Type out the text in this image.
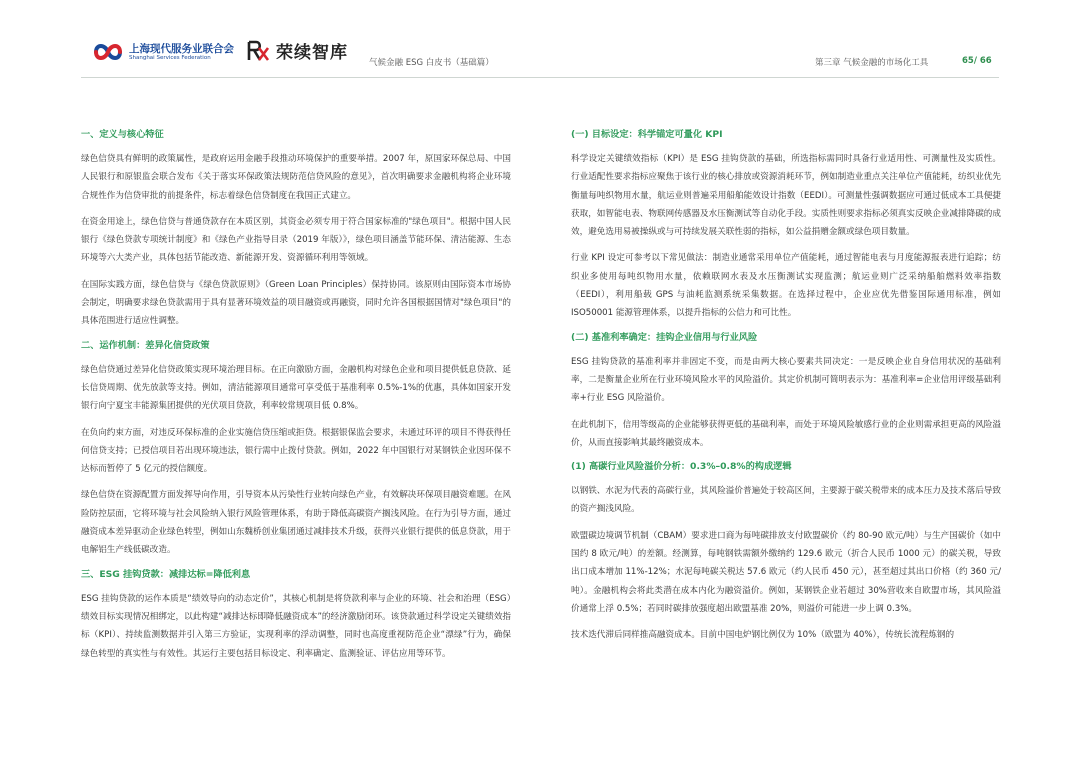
上海现代服务业联合会
Shanghai Services Federation	荣续智库 气候金融 ESG 白皮书（基础篇）	第三章 气候金融的市场化工具	65/ 66
一、定义与核心特征

绿色信贷具有鲜明的政策属性，是政府运用金融手段推动环境保护的重要举措。2007 年，原国家环保总局、中国人民银行和原银监会联合发布《关于落实环保政策法规防范信贷风险的意见》，首次明确要求金融机构将企业环境合规性作为信贷审批的前提条件，标志着绿色信贷制度在我国正式建立。

在资金用途上，绿色信贷与普通贷款存在本质区别，其资金必须专用于符合国家标准的"绿色项目"。根据中国人民银行《绿色贷款专项统计制度》和《绿色产业指导目录（2019 年版）》，绿色项目涵盖节能环保、清洁能源、生态环境等六大类产业，具体包括节能改造、新能源开发、资源循环利用等领域。

在国际实践方面，绿色信贷与《绿色贷款原则》（Green Loan Principles）保持协同。该原则由国际资本市场协会制定，明确要求绿色贷款需用于具有显著环境效益的项目融资或再融资，同时允许各国根据国情对"绿色项目"的具体范围进行适应性调整。

二、运作机制：差异化信贷政策

绿色信贷通过差异化信贷政策实现环境治理目标。在正向激励方面，金融机构对绿色企业和项目提供低息贷款、延长信贷周期、优先放款等支持。例如，清洁能源项目通常可享受低于基准利率 0.5%-1%的优惠，具体如国家开发银行向宁夏宝丰能源集团提供的光伏项目贷款，利率较常规项目低 0.8%。

在负向约束方面，对违反环保标准的企业实施信贷压缩或拒贷。根据银保监会要求，未通过环评的项目不得获得任何信贷支持；已授信项目若出现环境违法，银行需中止拨付贷款。例如，2022 年中国银行对某钢铁企业因环保不达标而暂停了 5 亿元的授信额度。

绿色信贷在资源配置方面发挥导向作用，引导资本从污染性行业转向绿色产业，有效解决环保项目融资难题。在风险防控层面，它将环境与社会风险纳入银行风险管理体系，有助于降低高碳资产搁浅风险。在行为引导方面，通过融资成本差异驱动企业绿色转型，例如山东魏桥创业集团通过减排技术升级，获得兴业银行提供的低息贷款，用于电解铝生产线低碳改造。

三、ESG 挂钩贷款：减排达标=降低利息

ESG 挂钩贷款的运作本质是“绩效导向的动态定价”，其核心机制是将贷款利率与企业的环境、社会和治理（ESG）绩效目标实现情况相绑定，以此构建“减排达标即降低融资成本”的经济激励闭环。该贷款通过科学设定关键绩效指标（KPI）、持续监测数据并引入第三方验证，实现利率的浮动调整，同时也高度重视防范企业“漂绿”行为，确保绿色转型的真实性与有效性。其运行主要包括目标设定、利率确定、监测验证、评估应用等环节。

(一) 目标设定：科学锚定可量化 KPI

科学设定关键绩效指标（KPI）是 ESG 挂钩贷款的基础，所选指标需同时具备行业适用性、可测量性及实质性。行业适配性要求指标应聚焦于该行业的核心排放或资源消耗环节，例如制造业重点关注单位产值能耗，纺织业优先衡量每吨织物用水量，航运业则普遍采用船舶能效设计指数（EEDI）。可测量性强调数据应可通过低成本工具便捷获取，如智能电表、物联网传感器及水压衡测试等自动化手段。实质性则要求指标必须真实反映企业减排降碳的成效，避免选用易被操纵或与可持续发展关联性弱的指标，如公益捐赠金额或绿色项目数量。

行业 KPI 设定可参考以下常见做法：制造业通常采用单位产值能耗，通过智能电表与月度能源报表进行追踪；纺织业多使用每吨织物用水量，依赖联网水表及水压衡测试实现监测；航运业则广泛采纳船舶燃料效率指数（EEDI），利用船载 GPS 与油耗监测系统采集数据。在选择过程中，企业应优先借鉴国际通用标准，例如 ISO50001 能源管理体系，以提升指标的公信力和可比性。

(二) 基准利率确定：挂钩企业信用与行业风险

ESG 挂钩贷款的基准利率并非固定不变，而是由两大核心要素共同决定：一是反映企业自身信用状况的基础利率，二是衡量企业所在行业环境风险水平的风险溢价。其定价机制可简明表示为：基准利率=企业信用评级基础利率+行业 ESG 风险溢价。

在此机制下，信用等级高的企业能够获得更低的基础利率，而处于环境风险敏感行业的企业则需承担更高的风险溢价，从而直接影响其最终融资成本。

(1) 高碳行业风险溢价分析：0.3%–0.8%的构成逻辑

以钢铁、水泥为代表的高碳行业，其风险溢价普遍处于较高区间，主要源于碳关税带来的成本压力及技术落后导致的资产搁浅风险。

欧盟碳边境调节机制（CBAM）要求进口商为每吨碳排放支付欧盟碳价（约 80-90 欧元/吨）与生产国碳价（如中国约 8 欧元/吨）的差额。经测算，每吨钢铁需额外缴纳约 129.6 欧元（折合人民币 1000 元）的碳关税，导致出口成本增加 11%-12%；水泥每吨碳关税达 57.6 欧元（约人民币 450 元），甚至超过其出口价格（约 360 元/吨）。金融机构会将此类潜在成本内化为融资溢价。例如，某钢铁企业若超过 30%营收来自欧盟市场，其风险溢价通常上浮 0.5%；若同时碳排放强度超出欧盟基准 20%，则溢价可能进一步上调 0.3%。

技术迭代滞后同样推高融资成本。目前中国电炉钢比例仅为 10%（欧盟为 40%），传统长流程炼钢的
